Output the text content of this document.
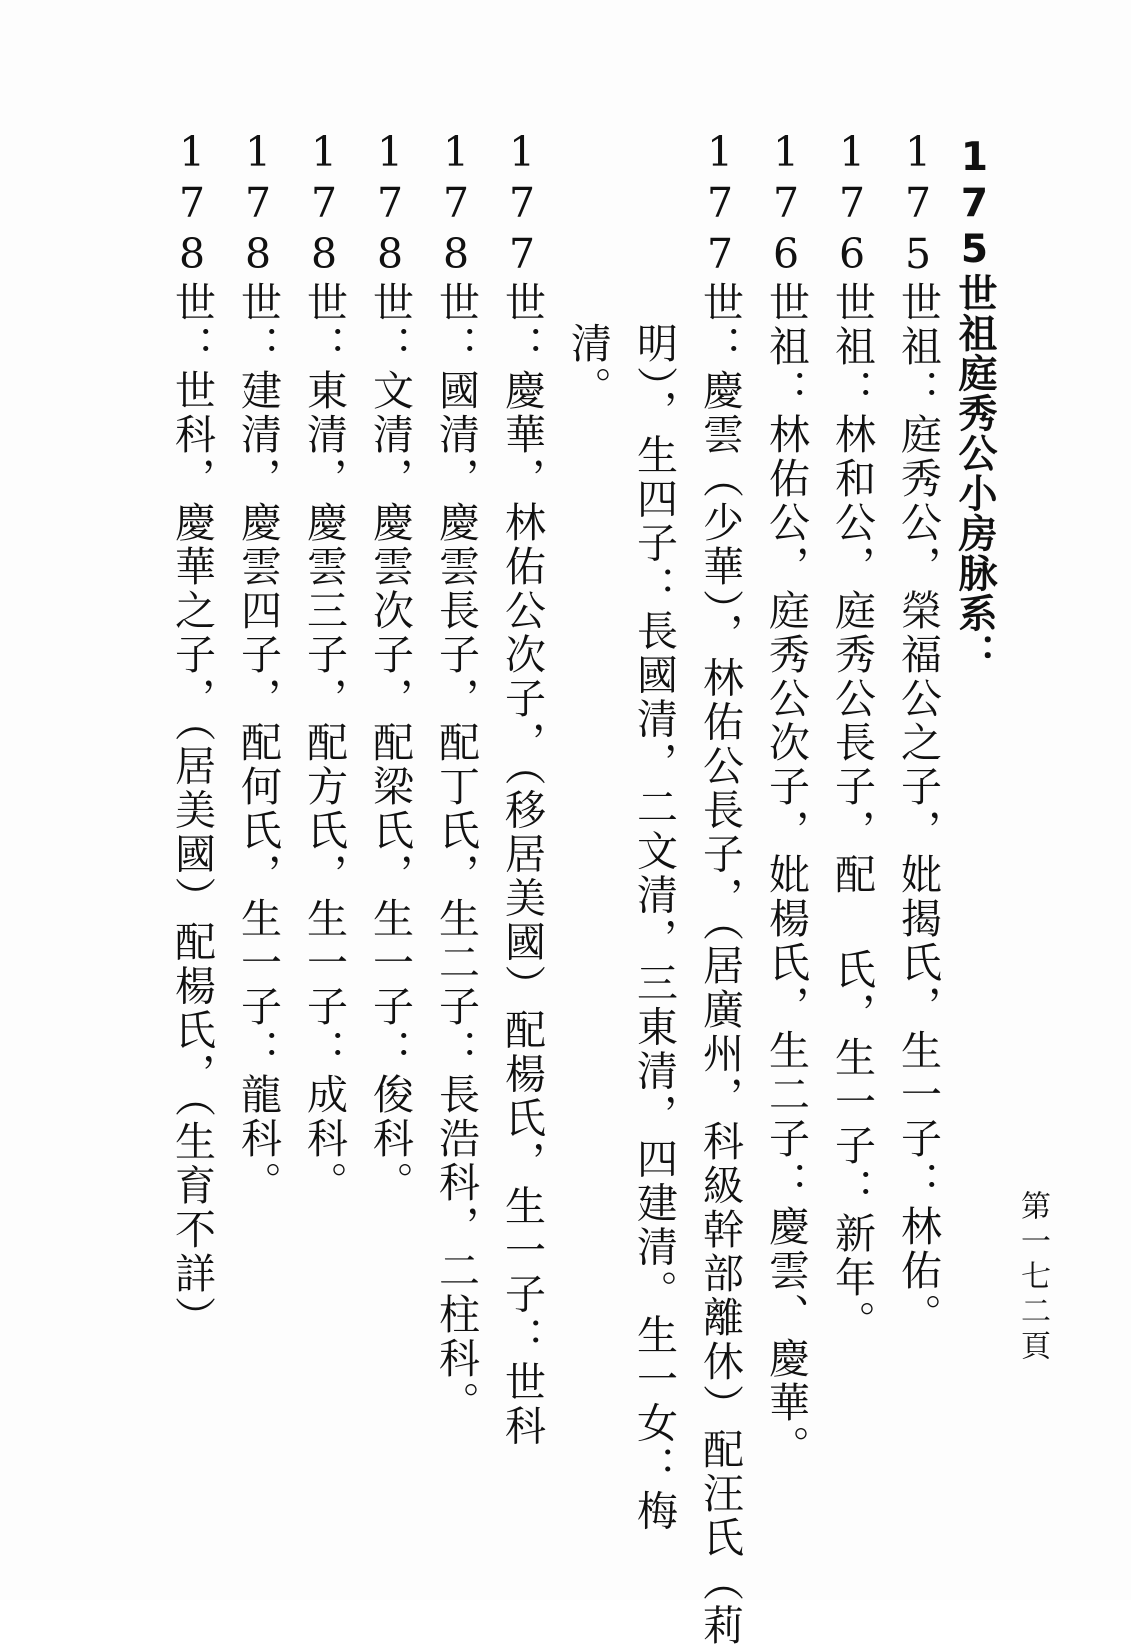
175世祖庭秀公小房脉系：
175世祖：庭秀公，榮福公之子，妣揭氏，生一子：林佑。
176世祖：林和公，庭秀公長子，配 氏，生一子：新年。
176世祖：林佑公，庭秀公次子，妣楊氏，生二子：慶雲、慶華。
177世：慶雲（少華），林佑公長子，（居廣州，科級幹部離休）配汪氏（莉
明），生四子：長國清，二文清，三東清，四建清。生一女：梅
清。
177世：慶華，林佑公次子，（移居美國）配楊氏，生一子：世科
178世：國清，慶雲長子，配丁氏，生二子：長浩科，二柱科。
178世：文清，慶雲次子，配梁氏，生一子：俊科。
178世：東清，慶雲三子，配方氏，生一子：成科。
178世：建清，慶雲四子，配何氏，生一子：龍科。
178世：世科，慶華之子，（居美國）配楊氏，（生育不詳）	第一七二頁
